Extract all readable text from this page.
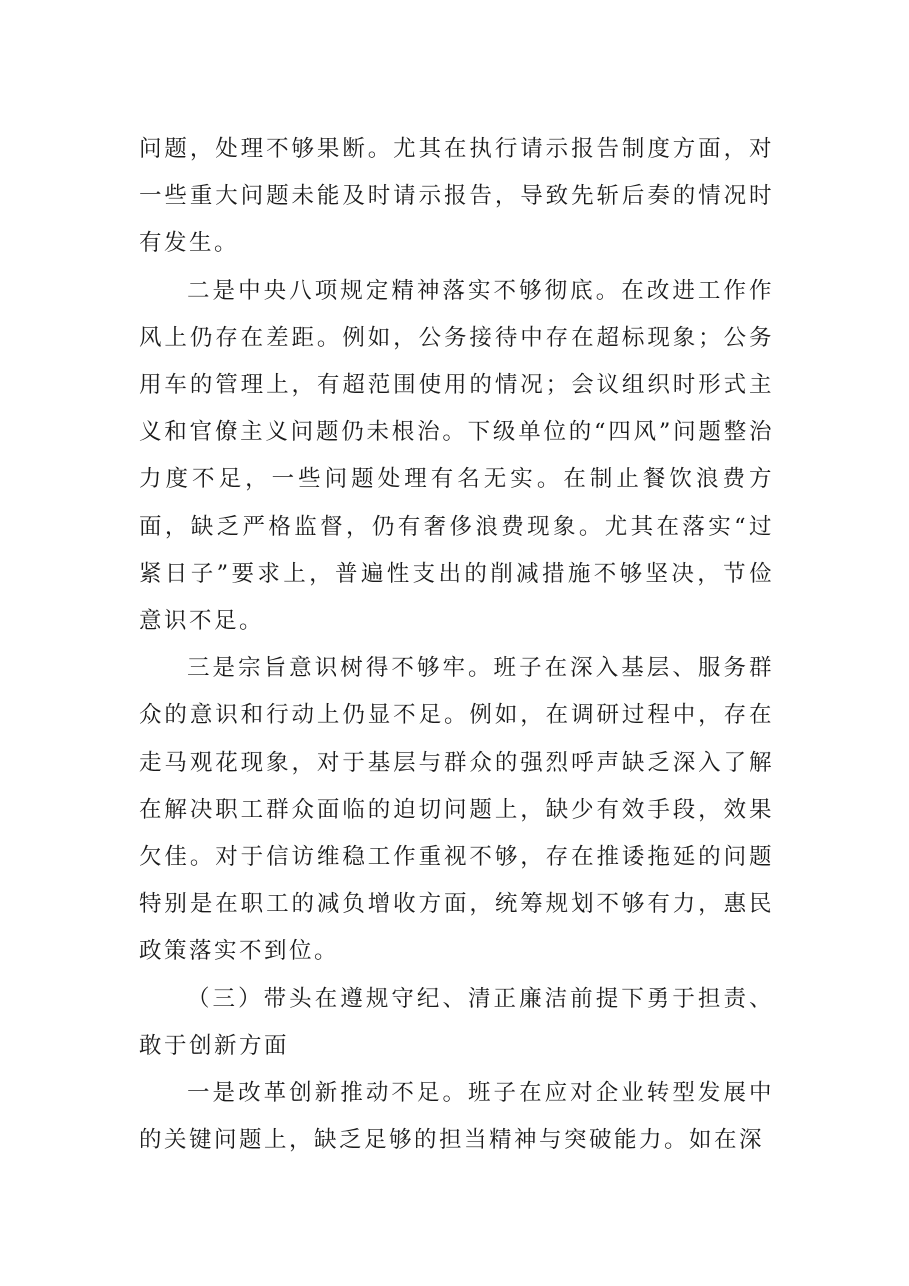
问题，处理不够果断。尤其在执行请示报告制度方面，对一些重大问题未能及时请示报告，导致先斩后奏的情况时有发生。

二是中央八项规定精神落实不够彻底。在改进工作作风上仍存在差距。例如，公务接待中存在超标现象；公务用车的管理上，有超范围使用的情况；会议组织时形式主义和官僚主义问题仍未根治。下级单位的“四风”问题整治力度不足，一些问题处理有名无实。在制止餐饮浪费方面，缺乏严格监督，仍有奢侈浪费现象。尤其在落实“过紧日子”要求上，普遍性支出的削减措施不够坚决，节俭意识不足。

三是宗旨意识树得不够牢。班子在深入基层、服务群众的意识和行动上仍显不足。例如，在调研过程中，存在走马观花现象，对于基层与群众的强烈呼声缺乏深入了解在解决职工群众面临的迫切问题上，缺少有效手段，效果欠佳。对于信访维稳工作重视不够，存在推诿拖延的问题特别是在职工的减负增收方面，统筹规划不够有力，惠民政策落实不到位。

（三）带头在遵规守纪、清正廉洁前提下勇于担责、敢于创新方面

一是改革创新推动不足。班子在应对企业转型发展中的关键问题上，缺乏足够的担当精神与突破能力。如在深
